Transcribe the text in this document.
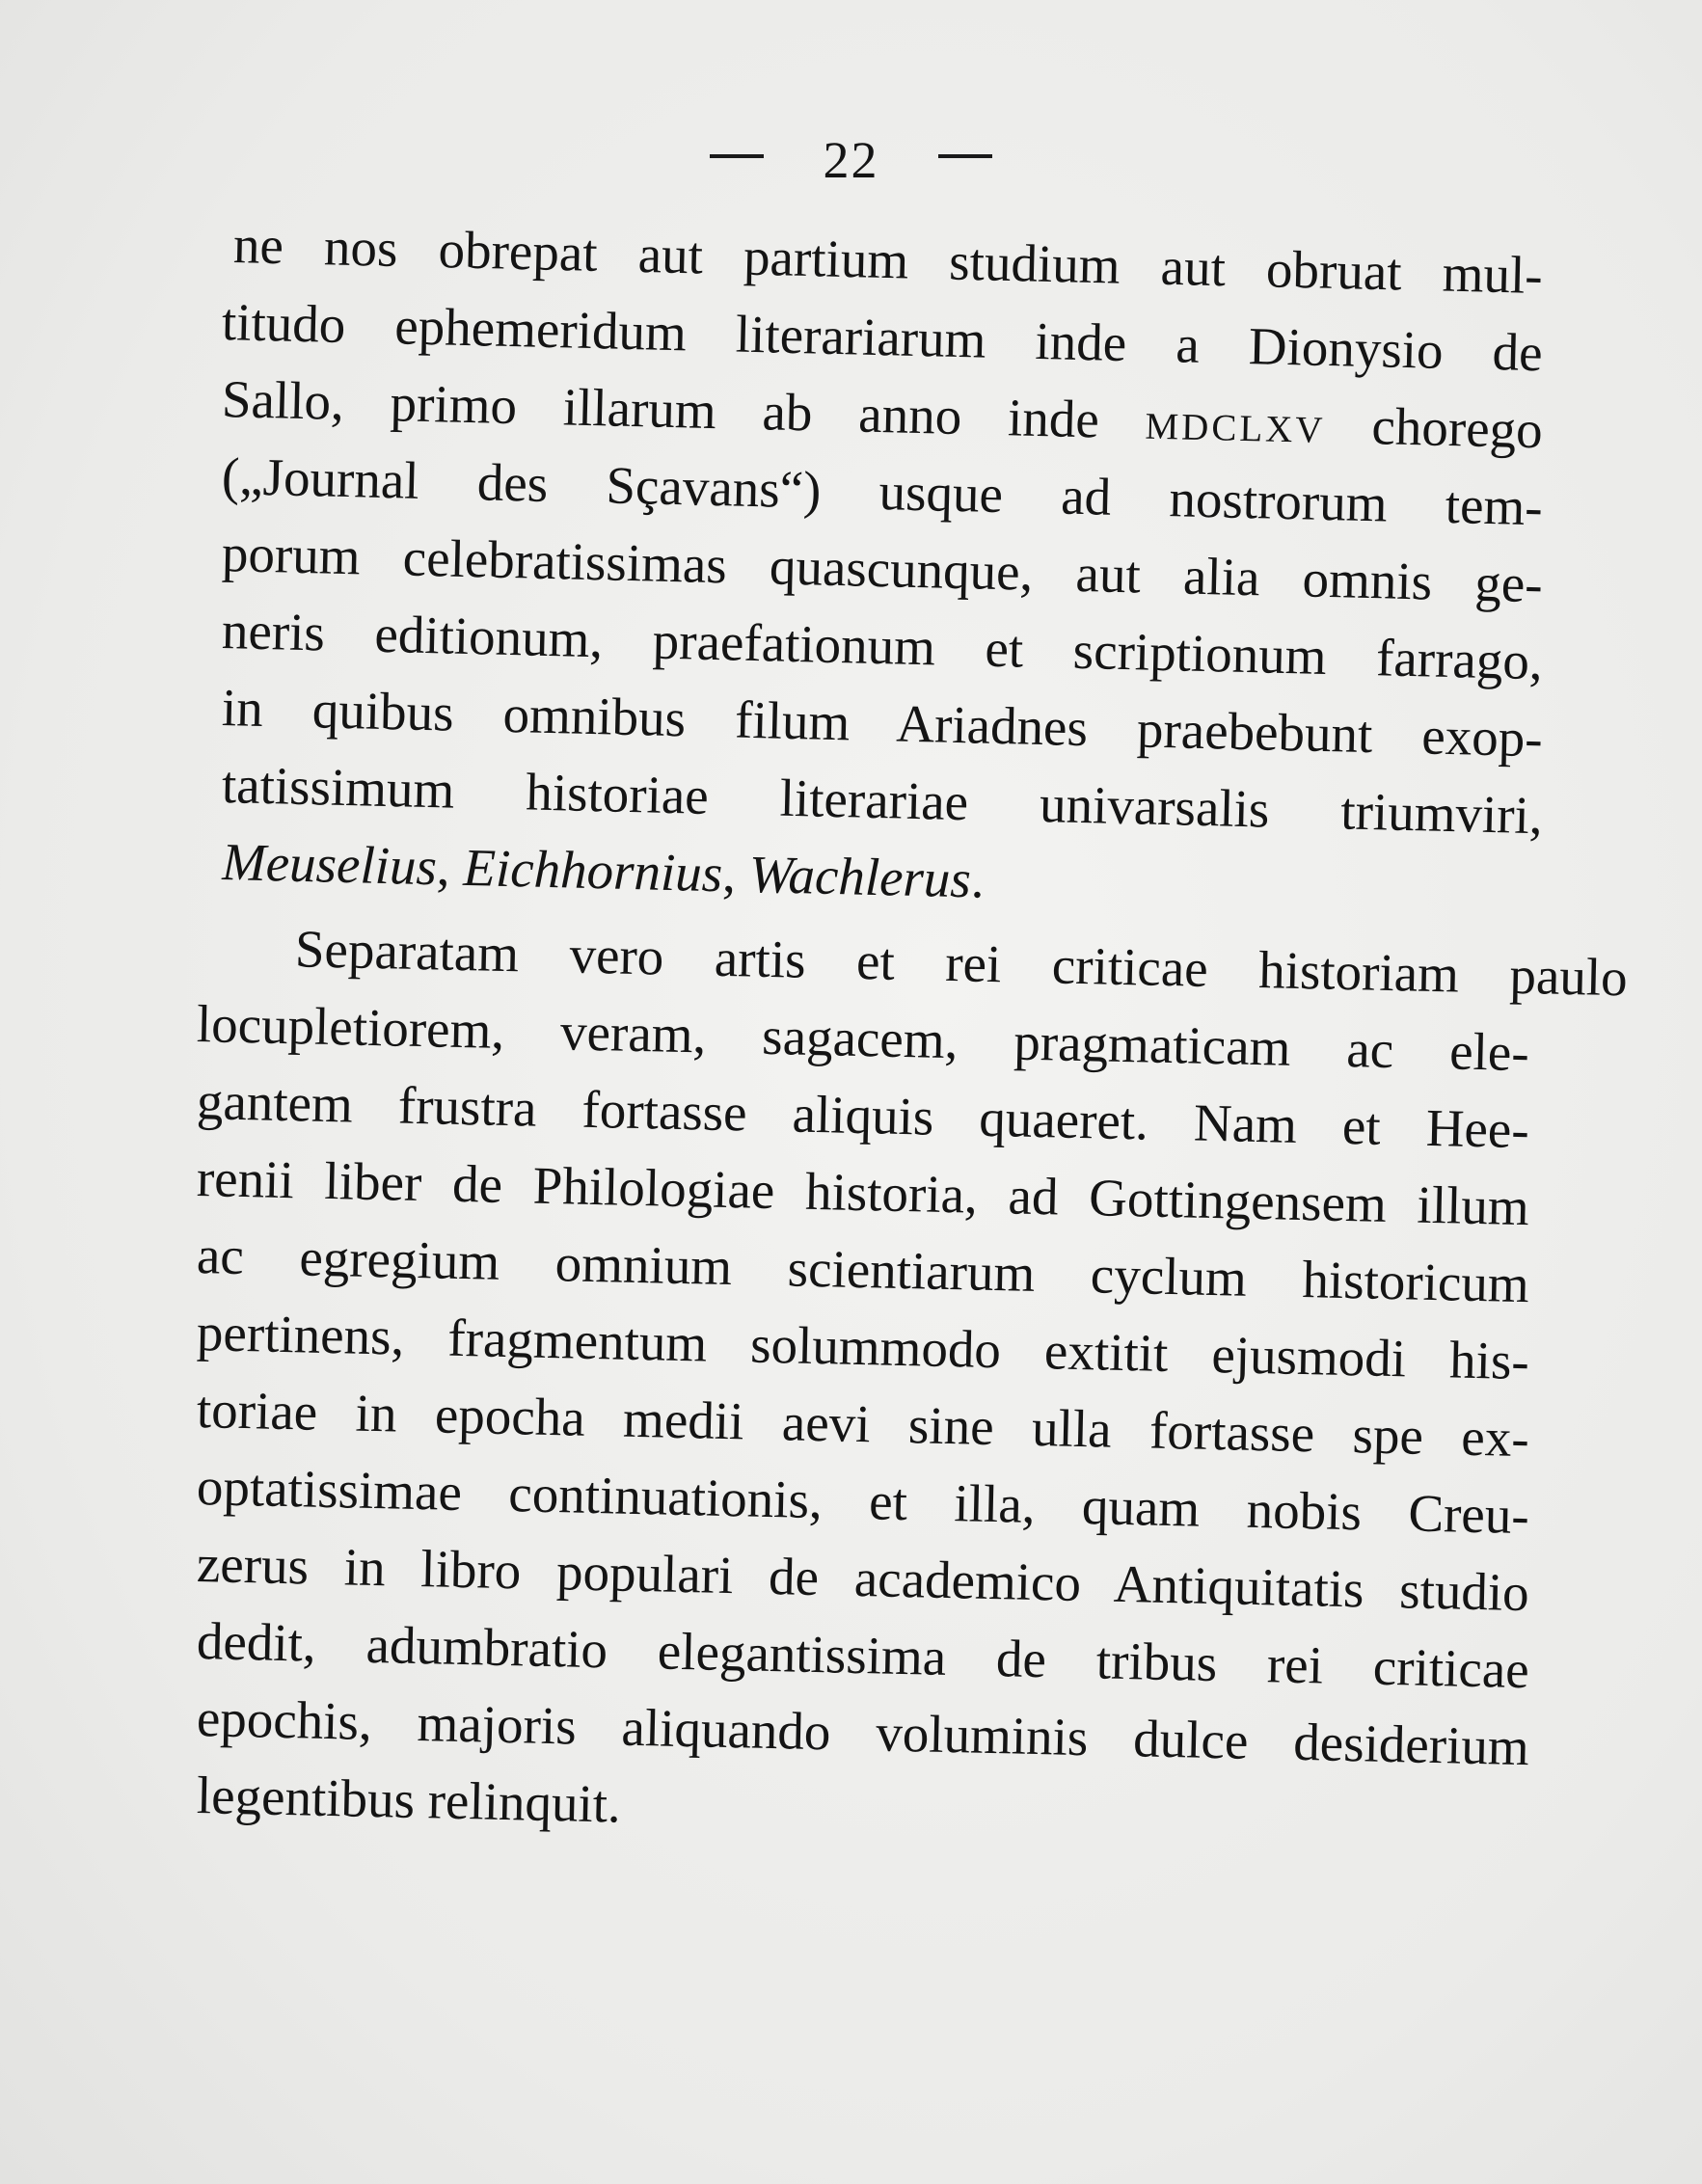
22
ne nos obrepat aut partium studium aut obruat mul-
titudo ephemeridum literariarum inde a Dionysio de
Sallo, primo illarum ab anno inde mdclxv chorego
(„Journal des Sçavans“) usque ad nostrorum tem-
porum celebratissimas quascunque, aut alia omnis ge-
neris editionum, praefationum et scriptionum farrago,
in quibus omnibus filum Ariadnes praebebunt exop-
tatissimum historiae literariae univarsalis triumviri,
Meuselius, Eichhornius, Wachlerus.
Separatam vero artis et rei criticae historiam paulo
locupletiorem, veram, sagacem, pragmaticam ac ele-
gantem frustra fortasse aliquis quaeret. Nam et Hee-
renii liber de Philologiae historia, ad Gottingensem illum
ac egregium omnium scientiarum cyclum historicum
pertinens, fragmentum solummodo extitit ejusmodi his-
toriae in epocha medii aevi sine ulla fortasse spe ex-
optatissimae continuationis, et illa, quam nobis Creu-
zerus in libro populari de academico Antiquitatis studio
dedit, adumbratio elegantissima de tribus rei criticae
epochis, majoris aliquando voluminis dulce desiderium
legentibus relinquit.
